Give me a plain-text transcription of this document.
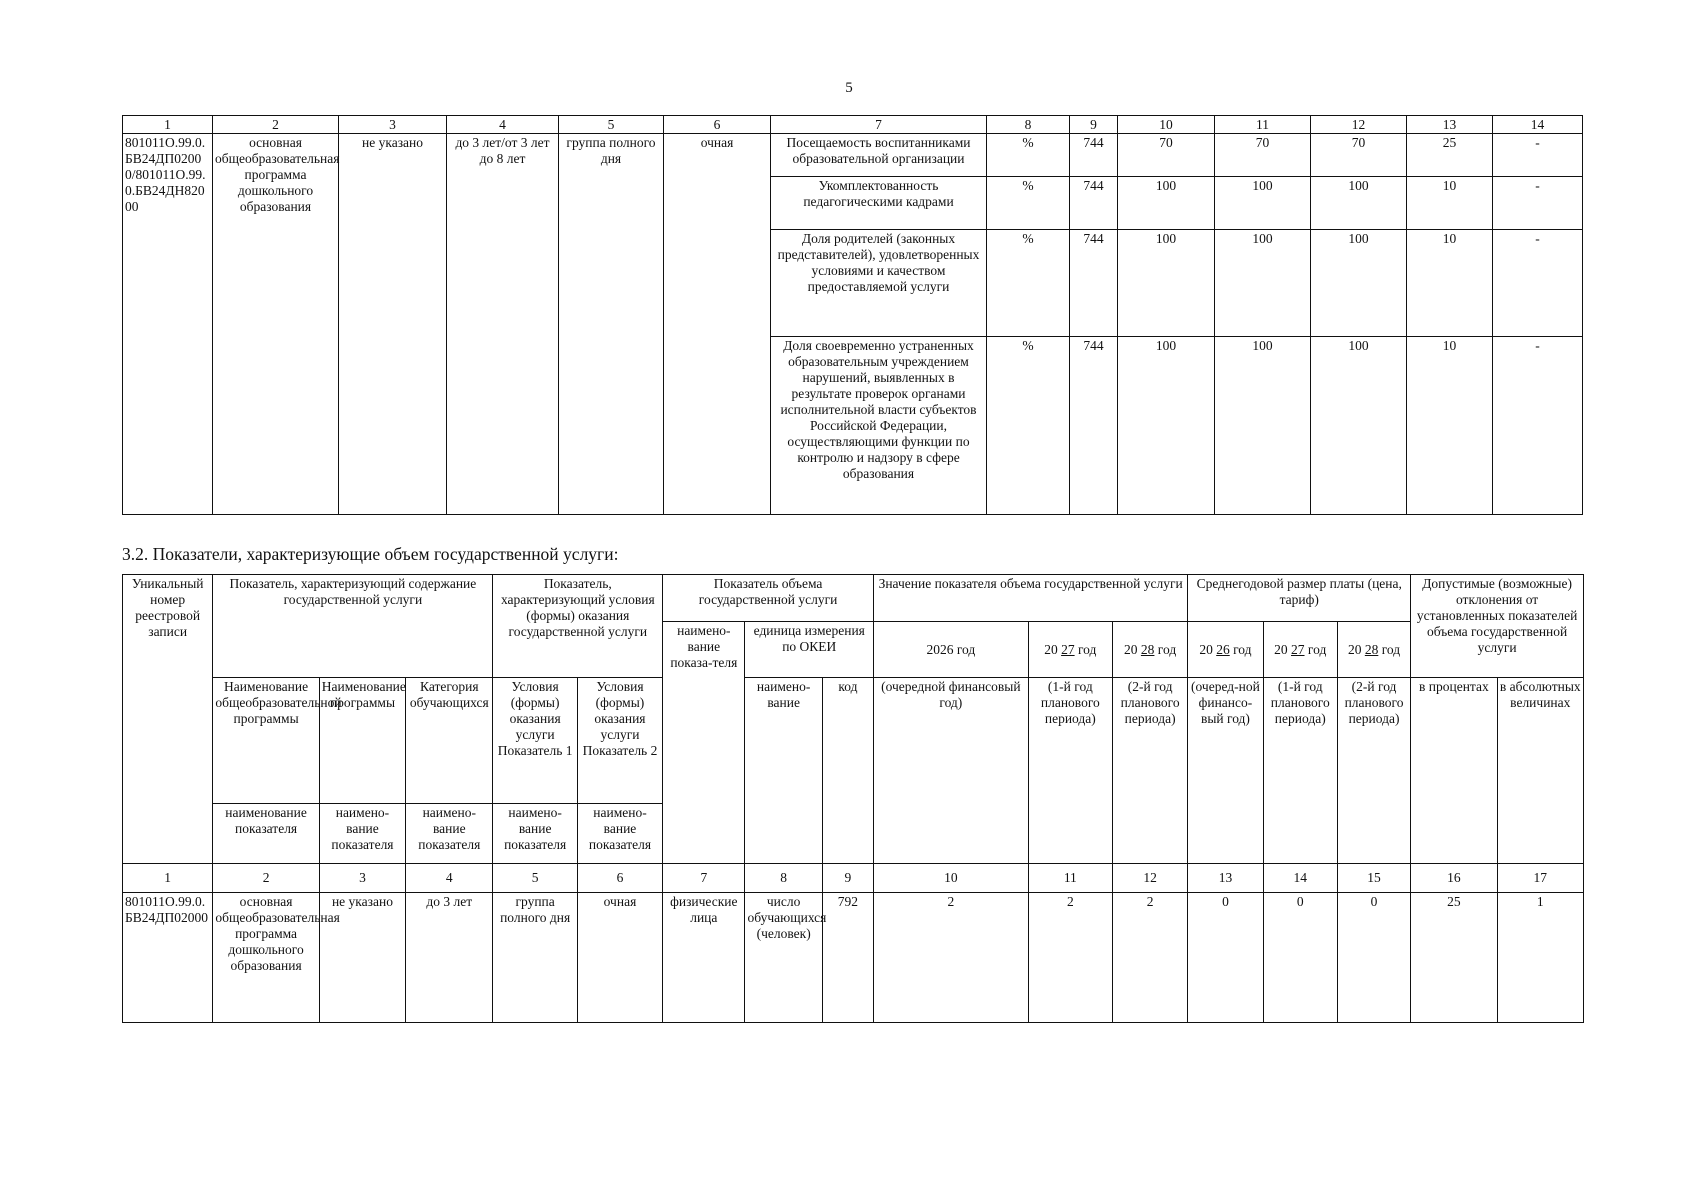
5
1	2	3	4	5	6	7	8	9	10	11	12	13	14
801011О.99.0.БВ24ДП02000/801011О.99.0.БВ24ДН82000	основная общеобразовательная программа дошкольного образования	не указано	до 3 лет/от 3 лет до 8 лет	группа полного дня	очная	Посещаемость воспитанниками образовательной организации	%	744	70	70	70	25	-
						Укомплектованность педагогическими кадрами	%	744	100	100	100	10	-
						Доля родителей (законных представителей), удовлетворенных условиями и качеством предоставляемой услуги	%	744	100	100	100	10	-
						Доля своевременно устраненных образовательным учреждением нарушений, выявленных в результате проверок органами исполнительной власти субъектов Российской Федерации, осуществляющими функции по контролю и надзору в сфере образования	%	744	100	100	100	10	-
3.2. Показатели, характеризующие объем государственной услуги:
Уникальный номер реестровой записи	Показатель, характеризующий содержание государственной услуги			Показатель, характеризующий условия (формы) оказания государственной услуги		Показатель объема государственной услуги			Значение показателя объема государственной услуги			Среднегодовой размер платы (цена, тариф)			Допустимые (возможные) отклонения от установленных показателей объема государственной услуги	
						наимено-вание показа-теля	единица измерения по ОКЕИ		2026 год	20 27 год	20 28 год	20 26 год	20 27 год	20 28 год		
	Наименование общеобразовательной программы	Наименование программы	Категория обучающихся	Условия (формы) оказания услуги Показатель 1	Условия (формы) оказания услуги Показатель 2		наимено-вание	код	(очередной финансовый год)	(1-й год планового периода)	(2-й год планового периода)	(очеред-ной финансо-вый год)	(1-й год планового периода)	(2-й год планового периода)	в процентах	в абсолютных величинах
	наименование показателя	наимено-вание показателя	наимено-вание показателя	наимено-вание показателя	наимено-вание показателя											
1	2	3	4	5	6	7	8	9	10	11	12	13	14	15	16	17
801011О.99.0.БВ24ДП02000	основная общеобразовательная программа дошкольного образования	не указано	до 3 лет	группа полного дня	очная	физические лица	число обучающихся (человек)	792	2	2	2	0	0	0	25	1
